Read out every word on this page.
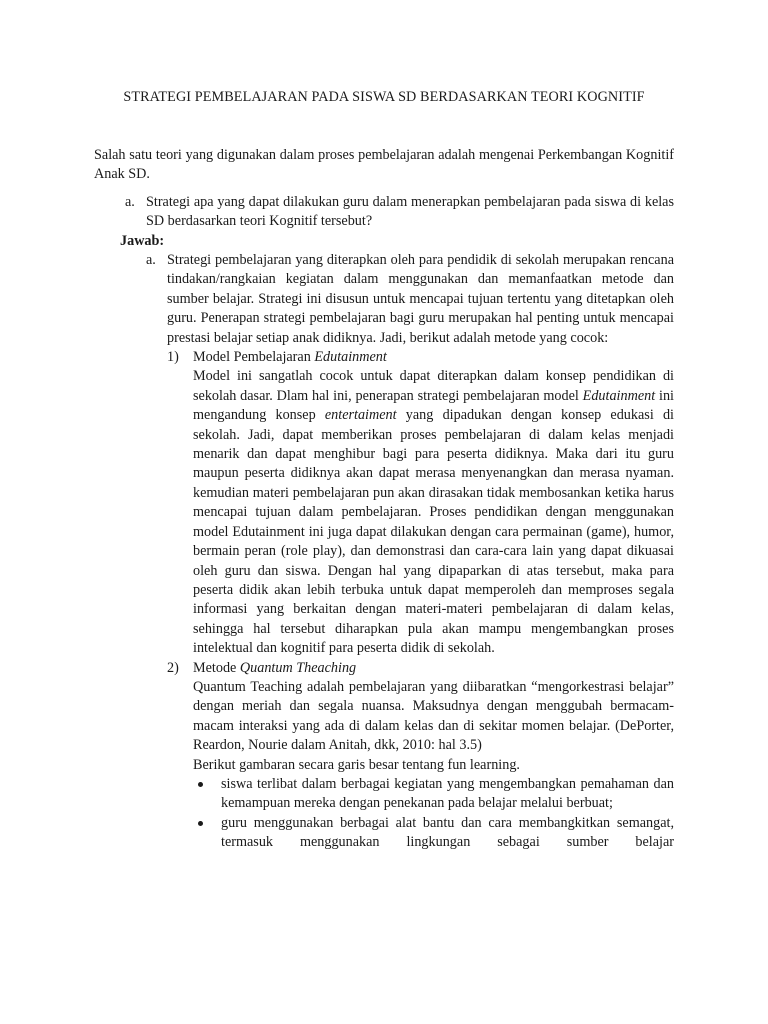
STRATEGI PEMBELAJARAN PADA SISWA SD BERDASARKAN TEORI KOGNITIF

Salah satu teori yang digunakan dalam proses pembelajaran adalah mengenai Perkembangan Kognitif Anak SD.

a. Strategi apa yang dapat dilakukan guru dalam menerapkan pembelajaran pada siswa di kelas SD berdasarkan teori Kognitif tersebut?
Jawab:
a. Strategi pembelajaran yang diterapkan oleh para pendidik di sekolah merupakan rencana tindakan/rangkaian kegiatan dalam menggunakan dan memanfaatkan metode dan sumber belajar. Strategi ini disusun untuk mencapai tujuan tertentu yang ditetapkan oleh guru. Penerapan strategi pembelajaran bagi guru merupakan hal penting untuk mencapai prestasi belajar setiap anak didiknya. Jadi, berikut adalah metode yang cocok:
1) Model Pembelajaran Edutainment
Model ini sangatlah cocok untuk dapat diterapkan dalam konsep pendidikan di sekolah dasar. Dlam hal ini, penerapan strategi pembelajaran model Edutainment ini mengandung konsep entertaiment yang dipadukan dengan konsep edukasi di sekolah. Jadi, dapat memberikan proses pembelajaran di dalam kelas menjadi menarik dan dapat menghibur bagi para peserta didiknya. Maka dari itu guru maupun peserta didiknya akan dapat merasa menyenangkan dan merasa nyaman. kemudian materi pembelajaran pun akan dirasakan tidak membosankan ketika harus mencapai tujuan dalam pembelajaran. Proses pendidikan dengan menggunakan model Edutainment ini juga dapat dilakukan dengan cara permainan (game), humor, bermain peran (role play), dan demonstrasi dan cara-cara lain yang dapat dikuasai oleh guru dan siswa. Dengan hal yang dipaparkan di atas tersebut, maka para peserta didik akan lebih terbuka untuk dapat memperoleh dan memproses segala informasi yang berkaitan dengan materi-materi pembelajaran di dalam kelas, sehingga hal tersebut diharapkan pula akan mampu mengembangkan proses intelektual dan kognitif para peserta didik di sekolah.
2) Metode Quantum Theaching
Quantum Teaching adalah pembelajaran yang diibaratkan “mengorkestrasi belajar” dengan meriah dan segala nuansa. Maksudnya dengan menggubah bermacam-macam interaksi yang ada di dalam kelas dan di sekitar momen belajar. (DePorter, Reardon, Nourie dalam Anitah, dkk, 2010: hal 3.5)
Berikut gambaran secara garis besar tentang fun learning.
siswa terlibat dalam berbagai kegiatan yang mengembangkan pemahaman dan kemampuan mereka dengan penekanan pada belajar melalui berbuat;
guru menggunakan berbagai alat bantu dan cara membangkitkan semangat, termasuk menggunakan lingkungan sebagai sumber belajar
